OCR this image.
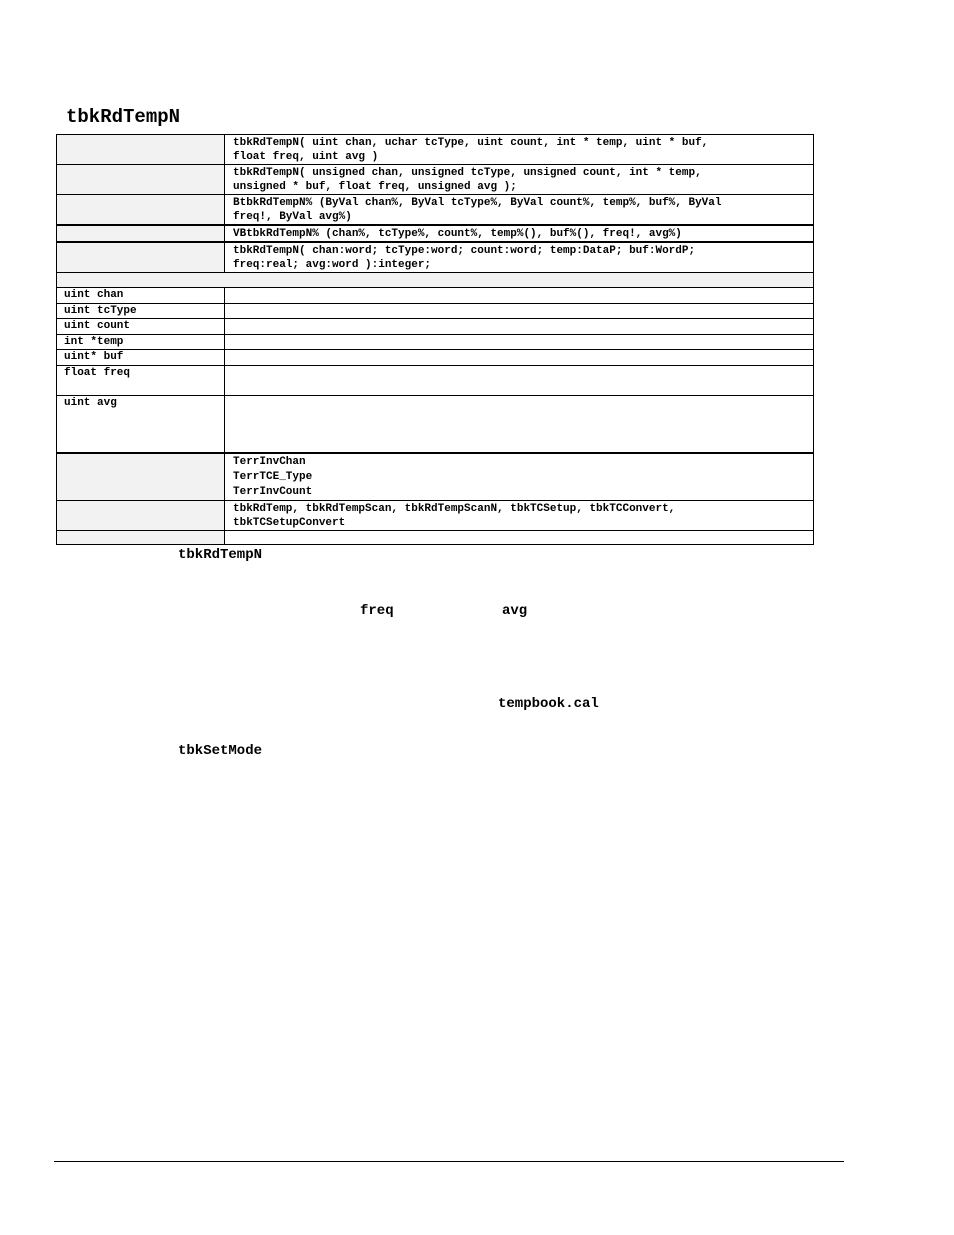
tbkRdTempN
	tbkRdTempN( uint chan, uchar tcType, uint count, int * temp, uint * buf,
float freq, uint avg )
	tbkRdTempN( unsigned chan, unsigned tcType, unsigned count, int * temp,
unsigned * buf, float freq, unsigned avg );
	BtbkRdTempN% (ByVal chan%, ByVal tcType%, ByVal count%, temp%, buf%, ByVal
freq!, ByVal avg%)
	VBtbkRdTempN% (chan%, tcType%, count%, temp%(), buf%(), freq!, avg%)
	tbkRdTempN( chan:word; tcType:word; count:word; temp:DataP; buf:WordP;
freq:real; avg:word ):integer;

uint chan	
uint tcType	
uint count	
int *temp	
uint* buf	
float freq	
uint avg	
	TerrInvChan
TerrTCE_Type
TerrInvCount
	tbkRdTemp, tbkRdTempScan, tbkRdTempScanN, tbkTCSetup, tbkTCConvert,
tbkTCSetupConvert

tbkRdTempN
freq	avg
tempbook.cal
tbkSetMode
